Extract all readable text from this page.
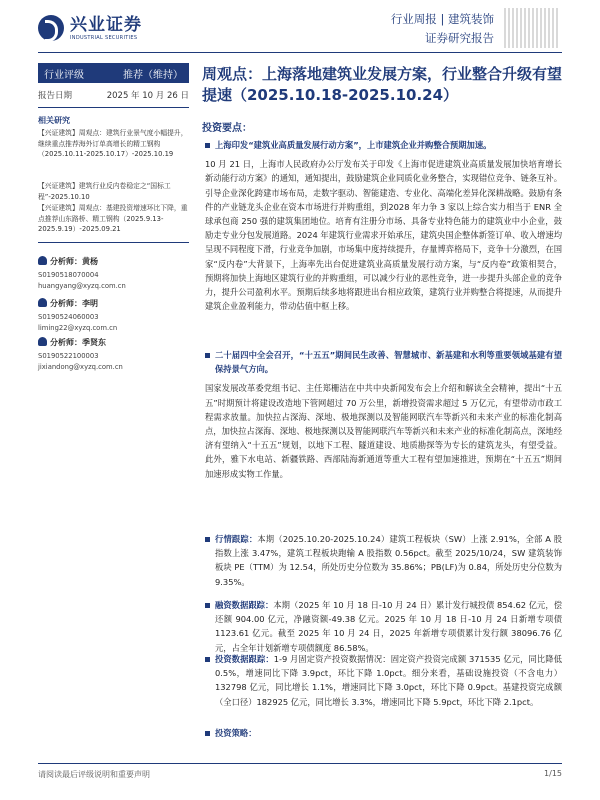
兴业证券
INDUSTRIAL SECURITIES
行业周报 | 建筑装饰
证券研究报告
行业评级	推荐（维持）
报告日期	2025 年 10 月 26 日
相关研究
【兴证建筑】周观点：建筑行业景气度小幅提升，继续重点推荐海外订单高增长的精工钢构（2025.10.11-2025.10.17）-2025.10.19
【兴证建筑】建筑行业反内卷稳定之“国标工程”-2025.10.10
【兴证建筑】周观点：基建投资增速环比下降，重点推荐山东路桥、精工钢构（2025.9.13-2025.9.19）-2025.09.21
分析师：黄杨
S0190518070004
huangyang@xyzq.com.cn
分析师：李明
S0190524060003
liming22@xyzq.com.cn
分析师：季贤东
S0190522100003
jixiandong@xyzq.com.cn
周观点：上海落地建筑业发展方案，行业整合升级有望提速（2025.10.18-2025.10.24）
投资要点：
上海印发“建筑业高质量发展行动方案”，上市建筑企业并购整合预期加速。
10 月 21 日，上海市人民政府办公厅发布关于印发《上海市促进建筑业高质量发展加快培育增长新动能行动方案》的通知，通知提出，鼓励建筑企业同质化业务整合，实现错位竞争、链条互补。引导企业深化跨建市场布局，走数字驱动、智能建造、专业化、高端化差异化深耕战略。鼓励有条件的产业链龙头企业在资本市场进行并购重组，到2028 年力争 3 家以上综合实力相当于 ENR 全球承包商 250 强的建筑集团地位。培育有注册分市场、具备专业特色能力的建筑业中小企业，鼓励走专业分包发展道路。2024 年建筑行业需求开始承压，建筑央国企整体新签订单、收入增速均呈现不同程度下滑，行业竞争加剧，市场集中度持续提升，存量博弈格局下，竞争十分激烈，在国家“反内卷”大背景下，上海率先出台促进建筑业高质量发展行动方案，与“反内卷”政策相契合，预期将加快上海地区建筑行业的并购重组，可以减少行业的恶性竞争，进一步提升头部企业的竞争力，提升公司盈利水平。预期后续多地将跟进出台相应政策，建筑行业并购整合将提速，从而提升建筑企业盈利能力，带动估值中枢上移。
二十届四中全会召开，“十五五”期间民生改善、智慧城市、新基建和水利等重要领域基建有望保持景气方向。
国家发展改革委党组书记、主任郑栅洁在中共中央新闻发布会上介绍和解读全会精神，提出“十五五”时期预计将建设改造地下管网超过 70 万公里，新增投资需求超过 5 万亿元，有望带动市政工程需求放量。加快拉占深海、深地、极地探测以及智能网联汽车等新兴和未来产业的标准化制高点，加快拉占深海、深地、极地探测以及智能网联汽车等新兴和未来产业的标准化制高点，深地经济有望纳入“十五五”规划，以地下工程、隧道建设、地质勘探等为专长的建筑龙头，有望受益。此外，雅下水电站、新疆铁路、西部陆海新通道等重大工程有望加速推进，预期在“十五五”期间加速形成实物工作量。
行情跟踪：本期（2025.10.20-2025.10.24）建筑工程板块（SW）上涨 2.91%，全部 A 股指数上涨 3.47%，建筑工程板块跑输 A 股指数 0.56pct。截至 2025/10/24，SW 建筑装饰板块 PE（TTM）为 12.54，所处历史分位数为 35.86%；PB(LF)为 0.84，所处历史分位数为 9.35%。
融资数据跟踪：本期（2025 年 10 月 18 日-10 月 24 日）累计发行城投债 854.62 亿元，偿还额 904.00 亿元，净融资额-49.38 亿元。2025 年 10 月 18 日-10 月 24 日新增专项债 1123.61 亿元。截至 2025 年 10 月 24 日，2025 年新增专项债累计发行额 38096.76 亿元，占全年计划新增专项债额度 86.58%。
投资数据跟踪：1-9 月固定资产投资数据情况：固定资产投资完成额 371535 亿元，同比降低 0.5%，增速同比下降 3.9pct，环比下降 1.0pct。细分来看，基础设施投资（不含电力）132798 亿元，同比增长 1.1%，增速同比下降 3.0pct，环比下降 0.9pct。基建投资完成额（全口径）182925 亿元，同比增长 3.3%，增速同比下降 5.9pct，环比下降 2.1pct。
投资策略：
请阅读最后评级说明和重要声明	1/15
